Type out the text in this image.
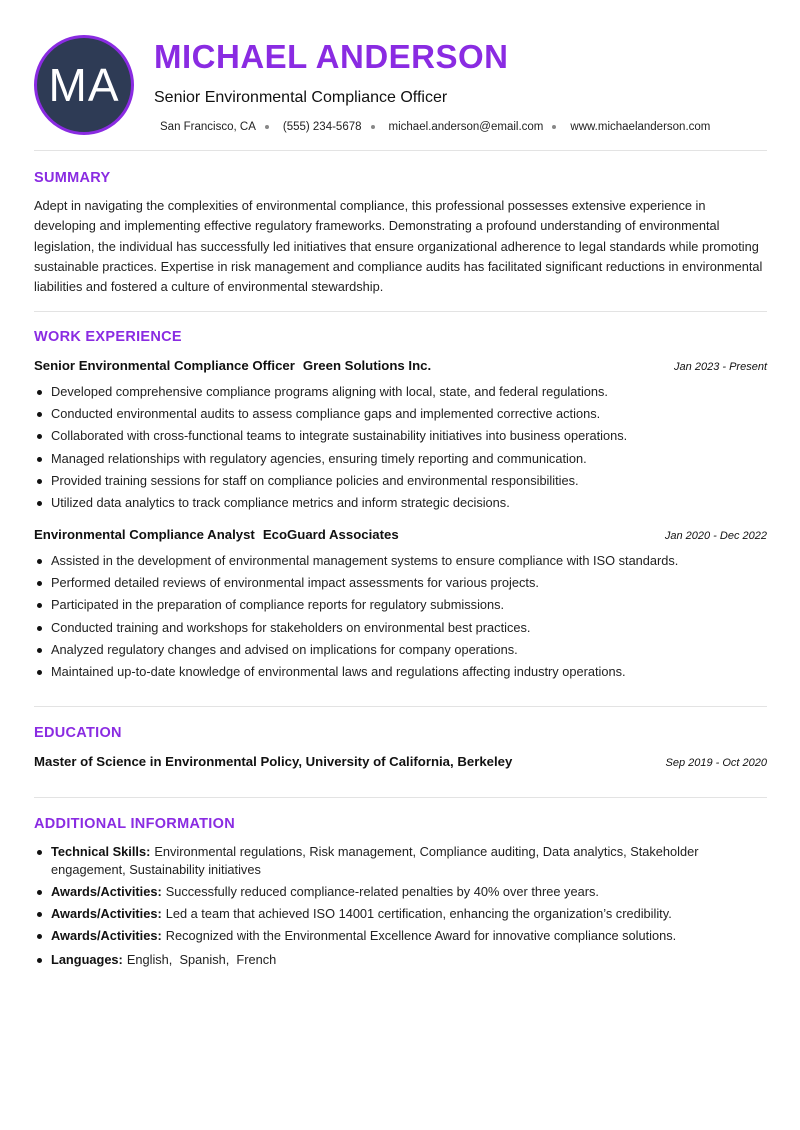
MA
MICHAEL ANDERSON
Senior Environmental Compliance Officer
San Francisco, CA (555) 234-5678 michael.anderson@email.com www.michaelanderson.com
SUMMARY
Adept in navigating the complexities of environmental compliance, this professional possesses extensive experience in developing and implementing effective regulatory frameworks. Demonstrating a profound understanding of environmental legislation, the individual has successfully led initiatives that ensure organizational adherence to legal standards while promoting sustainable practices. Expertise in risk management and compliance audits has facilitated significant reductions in environmental liabilities and fostered a culture of environmental stewardship.
WORK EXPERIENCE
Senior Environmental Compliance Officer Green Solutions Inc.	Jan 2023 - Present
Developed comprehensive compliance programs aligning with local, state, and federal regulations.
Conducted environmental audits to assess compliance gaps and implemented corrective actions.
Collaborated with cross-functional teams to integrate sustainability initiatives into business operations.
Managed relationships with regulatory agencies, ensuring timely reporting and communication.
Provided training sessions for staff on compliance policies and environmental responsibilities.
Utilized data analytics to track compliance metrics and inform strategic decisions.
Environmental Compliance Analyst EcoGuard Associates	Jan 2020 - Dec 2022
Assisted in the development of environmental management systems to ensure compliance with ISO standards.
Performed detailed reviews of environmental impact assessments for various projects.
Participated in the preparation of compliance reports for regulatory submissions.
Conducted training and workshops for stakeholders on environmental best practices.
Analyzed regulatory changes and advised on implications for company operations.
Maintained up-to-date knowledge of environmental laws and regulations affecting industry operations.
EDUCATION
Master of Science in Environmental Policy, University of California, Berkeley	Sep 2019 - Oct 2020
ADDITIONAL INFORMATION
Technical Skills: Environmental regulations, Risk management, Compliance auditing, Data analytics, Stakeholder engagement, Sustainability initiatives
Awards/Activities: Successfully reduced compliance-related penalties by 40% over three years.
Awards/Activities: Led a team that achieved ISO 14001 certification, enhancing the organization’s credibility.
Awards/Activities: Recognized with the Environmental Excellence Award for innovative compliance solutions.
Languages: English,  Spanish,  French
